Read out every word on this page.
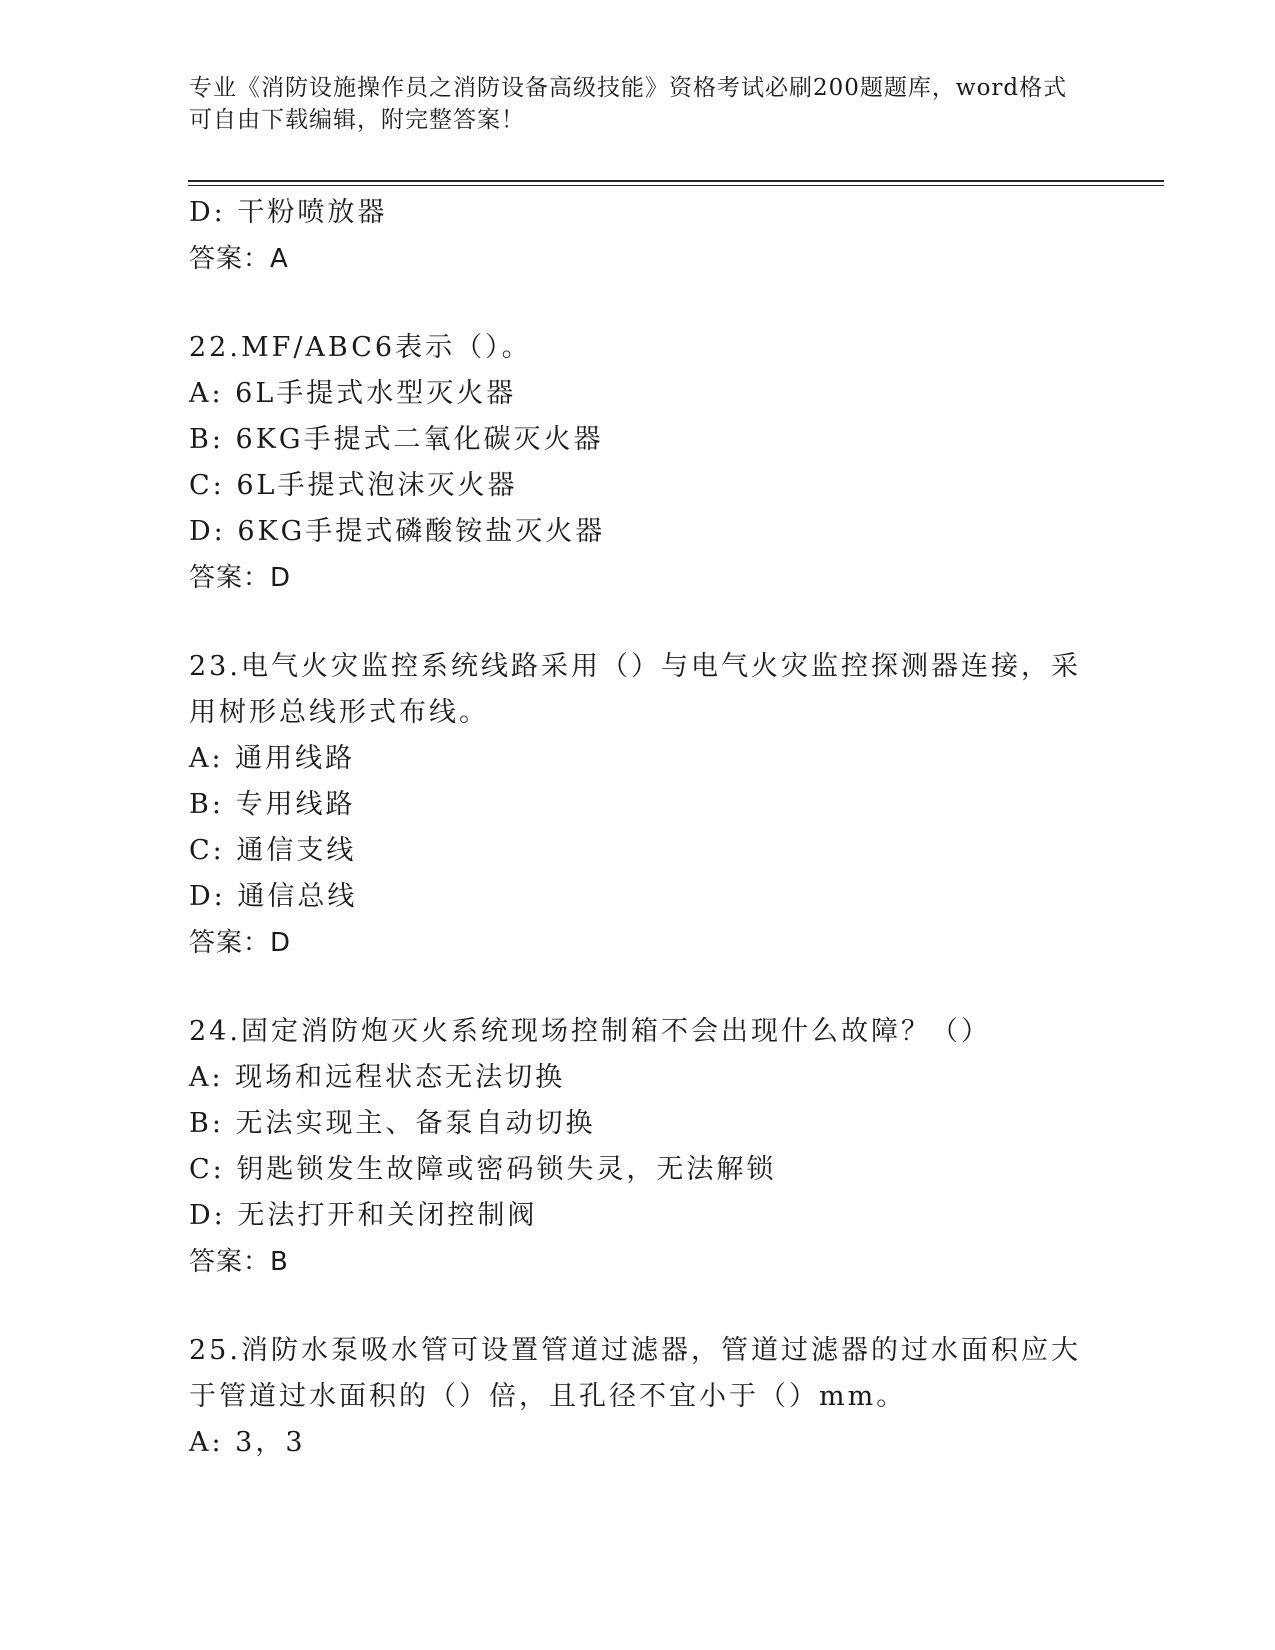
专业《消防设施操作员之消防设备高级技能》资格考试必刷200题题库，word格式可自由下载编辑，附完整答案！
D: 干粉喷放器
答案：A
22.MF/ABC6表示（）。
A: 6L手提式水型灭火器
B: 6KG手提式二氧化碳灭火器
C: 6L手提式泡沫灭火器
D: 6KG手提式磷酸铵盐灭火器
答案：D
23.电气火灾监控系统线路采用（）与电气火灾监控探测器连接，采用树形总线形式布线。
A: 通用线路
B: 专用线路
C: 通信支线
D: 通信总线
答案：D
24.固定消防炮灭火系统现场控制箱不会出现什么故障？（）
A: 现场和远程状态无法切换
B: 无法实现主、备泵自动切换
C: 钥匙锁发生故障或密码锁失灵，无法解锁
D: 无法打开和关闭控制阀
答案：B
25.消防水泵吸水管可设置管道过滤器，管道过滤器的过水面积应大于管道过水面积的（）倍，且孔径不宜小于（）mm。
A: 3，3
